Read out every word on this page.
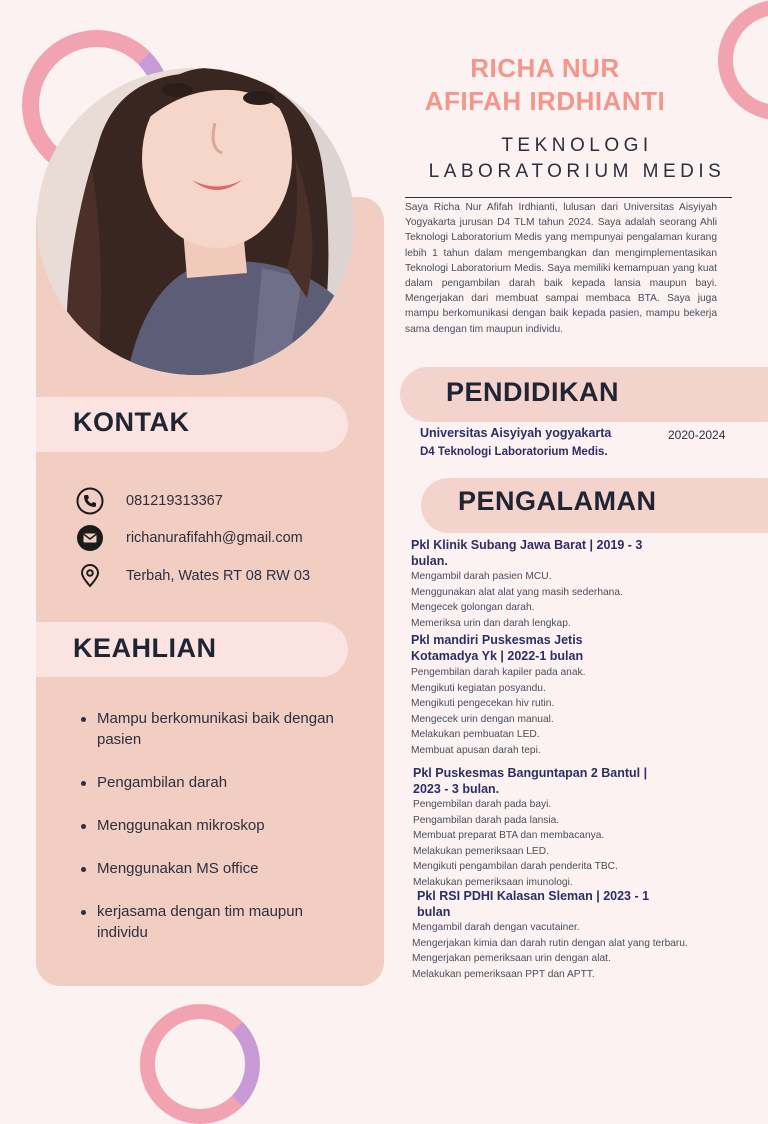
KONTAK
081219313367
richanurafifahh@gmail.com
Terbah, Wates RT 08 RW 03
KEAHLIAN
Mampu berkomunikasi baik dengan pasien
Pengambilan darah
Menggunakan mikroskop
Menggunakan MS office
kerjasama dengan tim maupun individu
RICHA NUR
AFIFAH IRDHIANTI
TEKNOLOGI
LABORATORIUM MEDIS
Saya Richa Nur Afifah Irdhianti, lulusan dari Universitas Aisyiyah Yogyakarta jurusan D4 TLM tahun 2024. Saya adalah seorang Ahli Teknologi Laboratorium Medis yang mempunyai pengalaman kurang lebih 1 tahun dalam mengembangkan dan mengimplementasikan Teknologi Laboratorium Medis. Saya memiliki kemampuan yang kuat dalam pengambilan darah baik kepada lansia maupun bayi. Mengerjakan dari membuat sampai membaca BTA. Saya juga mampu berkomunikasi dengan baik kepada pasien, mampu bekerja sama dengan tim maupun individu.
PENDIDIKAN
Universitas Aisyiyah yogyakarta	2020-2024
D4 Teknologi Laboratorium Medis.
PENGALAMAN
Pkl Klinik Subang Jawa Barat | 2019 - 3 bulan.
Mengambil darah pasien MCU.
Menggunakan alat alat yang masih sederhana.
Mengecek golongan darah.
Memeriksa urin dan darah lengkap.
Pkl mandiri Puskesmas Jetis Kotamadya Yk | 2022-1 bulan
Pengembilan darah kapiler pada anak.
Mengikuti kegiatan posyandu.
Mengikuti pengecekan hiv rutin.
Mengecek urin dengan manual.
Melakukan pembuatan LED.
Membuat apusan darah tepi.
Pkl Puskesmas Banguntapan 2 Bantul | 2023 - 3 bulan.
Pengembilan darah pada bayi.
Pengambilan darah pada lansia.
Membuat preparat BTA dan membacanya.
Melakukan pemeriksaan LED.
Mengikuti pengambilan darah penderita TBC.
Melakukan pemeriksaan imunologi.
Pkl RSI PDHI Kalasan Sleman | 2023 - 1 bulan
Mengambil darah dengan vacutainer.
Mengerjakan kimia dan darah rutin dengan alat yang terbaru.
Mengerjakan pemeriksaan urin dengan alat.
Melakukan pemeriksaan PPT dan APTT.
